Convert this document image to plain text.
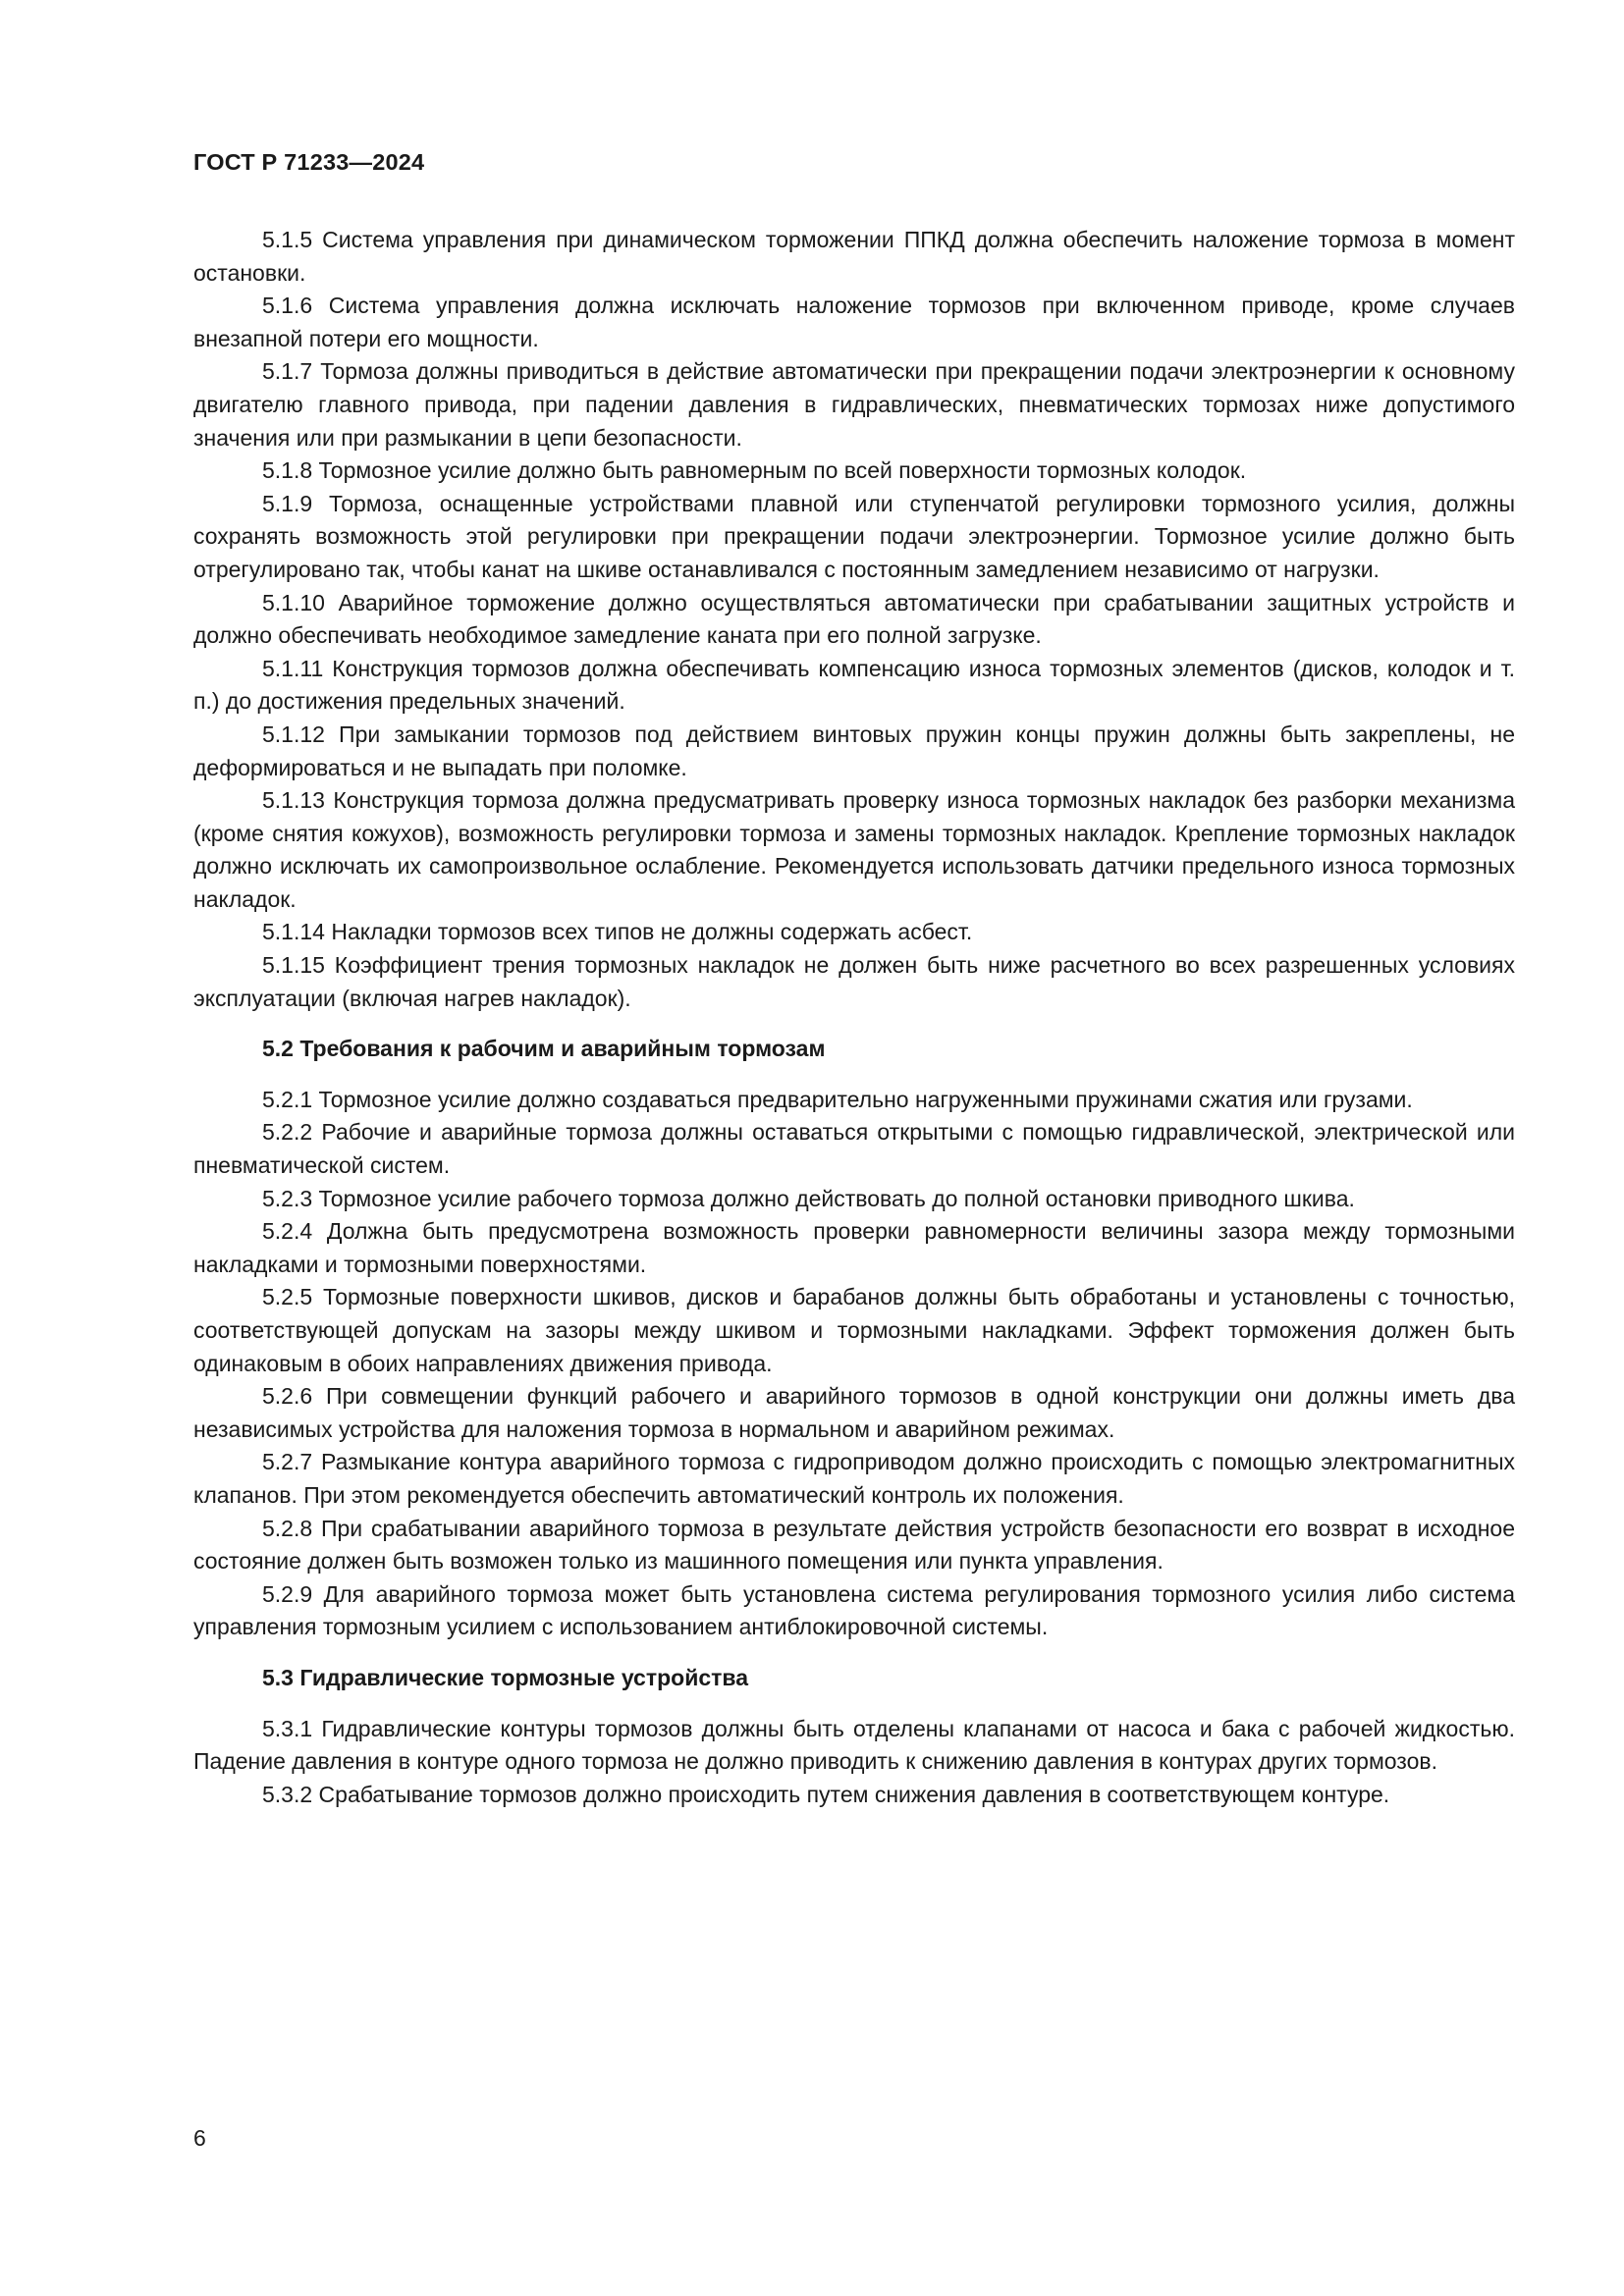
ГОСТ Р 71233—2024

5.1.5 Система управления при динамическом торможении ППКД должна обеспечить наложение тормоза в момент остановки.

5.1.6 Система управления должна исключать наложение тормозов при включенном приводе, кроме случаев внезапной потери его мощности.

5.1.7 Тормоза должны приводиться в действие автоматически при прекращении подачи электроэнергии к основному двигателю главного привода, при падении давления в гидравлических, пневматических тормозах ниже допустимого значения или при размыкании в цепи безопасности.

5.1.8 Тормозное усилие должно быть равномерным по всей поверхности тормозных колодок.

5.1.9 Тормоза, оснащенные устройствами плавной или ступенчатой регулировки тормозного усилия, должны сохранять возможность этой регулировки при прекращении подачи электроэнергии. Тормозное усилие должно быть отрегулировано так, чтобы канат на шкиве останавливался с постоянным замедлением независимо от нагрузки.

5.1.10 Аварийное торможение должно осуществляться автоматически при срабатывании защитных устройств и должно обеспечивать необходимое замедление каната при его полной загрузке.

5.1.11 Конструкция тормозов должна обеспечивать компенсацию износа тормозных элементов (дисков, колодок и т. п.) до достижения предельных значений.

5.1.12 При замыкании тормозов под действием винтовых пружин концы пружин должны быть закреплены, не деформироваться и не выпадать при поломке.

5.1.13 Конструкция тормоза должна предусматривать проверку износа тормозных накладок без разборки механизма (кроме снятия кожухов), возможность регулировки тормоза и замены тормозных накладок. Крепление тормозных накладок должно исключать их самопроизвольное ослабление. Рекомендуется использовать датчики предельного износа тормозных накладок.

5.1.14 Накладки тормозов всех типов не должны содержать асбест.

5.1.15 Коэффициент трения тормозных накладок не должен быть ниже расчетного во всех разрешенных условиях эксплуатации (включая нагрев накладок).

5.2 Требования к рабочим и аварийным тормозам

5.2.1 Тормозное усилие должно создаваться предварительно нагруженными пружинами сжатия или грузами.

5.2.2 Рабочие и аварийные тормоза должны оставаться открытыми с помощью гидравлической, электрической или пневматической систем.

5.2.3 Тормозное усилие рабочего тормоза должно действовать до полной остановки приводного шкива.

5.2.4 Должна быть предусмотрена возможность проверки равномерности величины зазора между тормозными накладками и тормозными поверхностями.

5.2.5 Тормозные поверхности шкивов, дисков и барабанов должны быть обработаны и установлены с точностью, соответствующей допускам на зазоры между шкивом и тормозными накладками. Эффект торможения должен быть одинаковым в обоих направлениях движения привода.

5.2.6 При совмещении функций рабочего и аварийного тормозов в одной конструкции они должны иметь два независимых устройства для наложения тормоза в нормальном и аварийном режимах.

5.2.7 Размыкание контура аварийного тормоза с гидроприводом должно происходить с помощью электромагнитных клапанов. При этом рекомендуется обеспечить автоматический контроль их положения.

5.2.8 При срабатывании аварийного тормоза в результате действия устройств безопасности его возврат в исходное состояние должен быть возможен только из машинного помещения или пункта управления.

5.2.9 Для аварийного тормоза может быть установлена система регулирования тормозного усилия либо система управления тормозным усилием с использованием антиблокировочной системы.

5.3 Гидравлические тормозные устройства

5.3.1 Гидравлические контуры тормозов должны быть отделены клапанами от насоса и бака с рабочей жидкостью. Падение давления в контуре одного тормоза не должно приводить к снижению давления в контурах других тормозов.

5.3.2 Срабатывание тормозов должно происходить путем снижения давления в соответствующем контуре.

6
